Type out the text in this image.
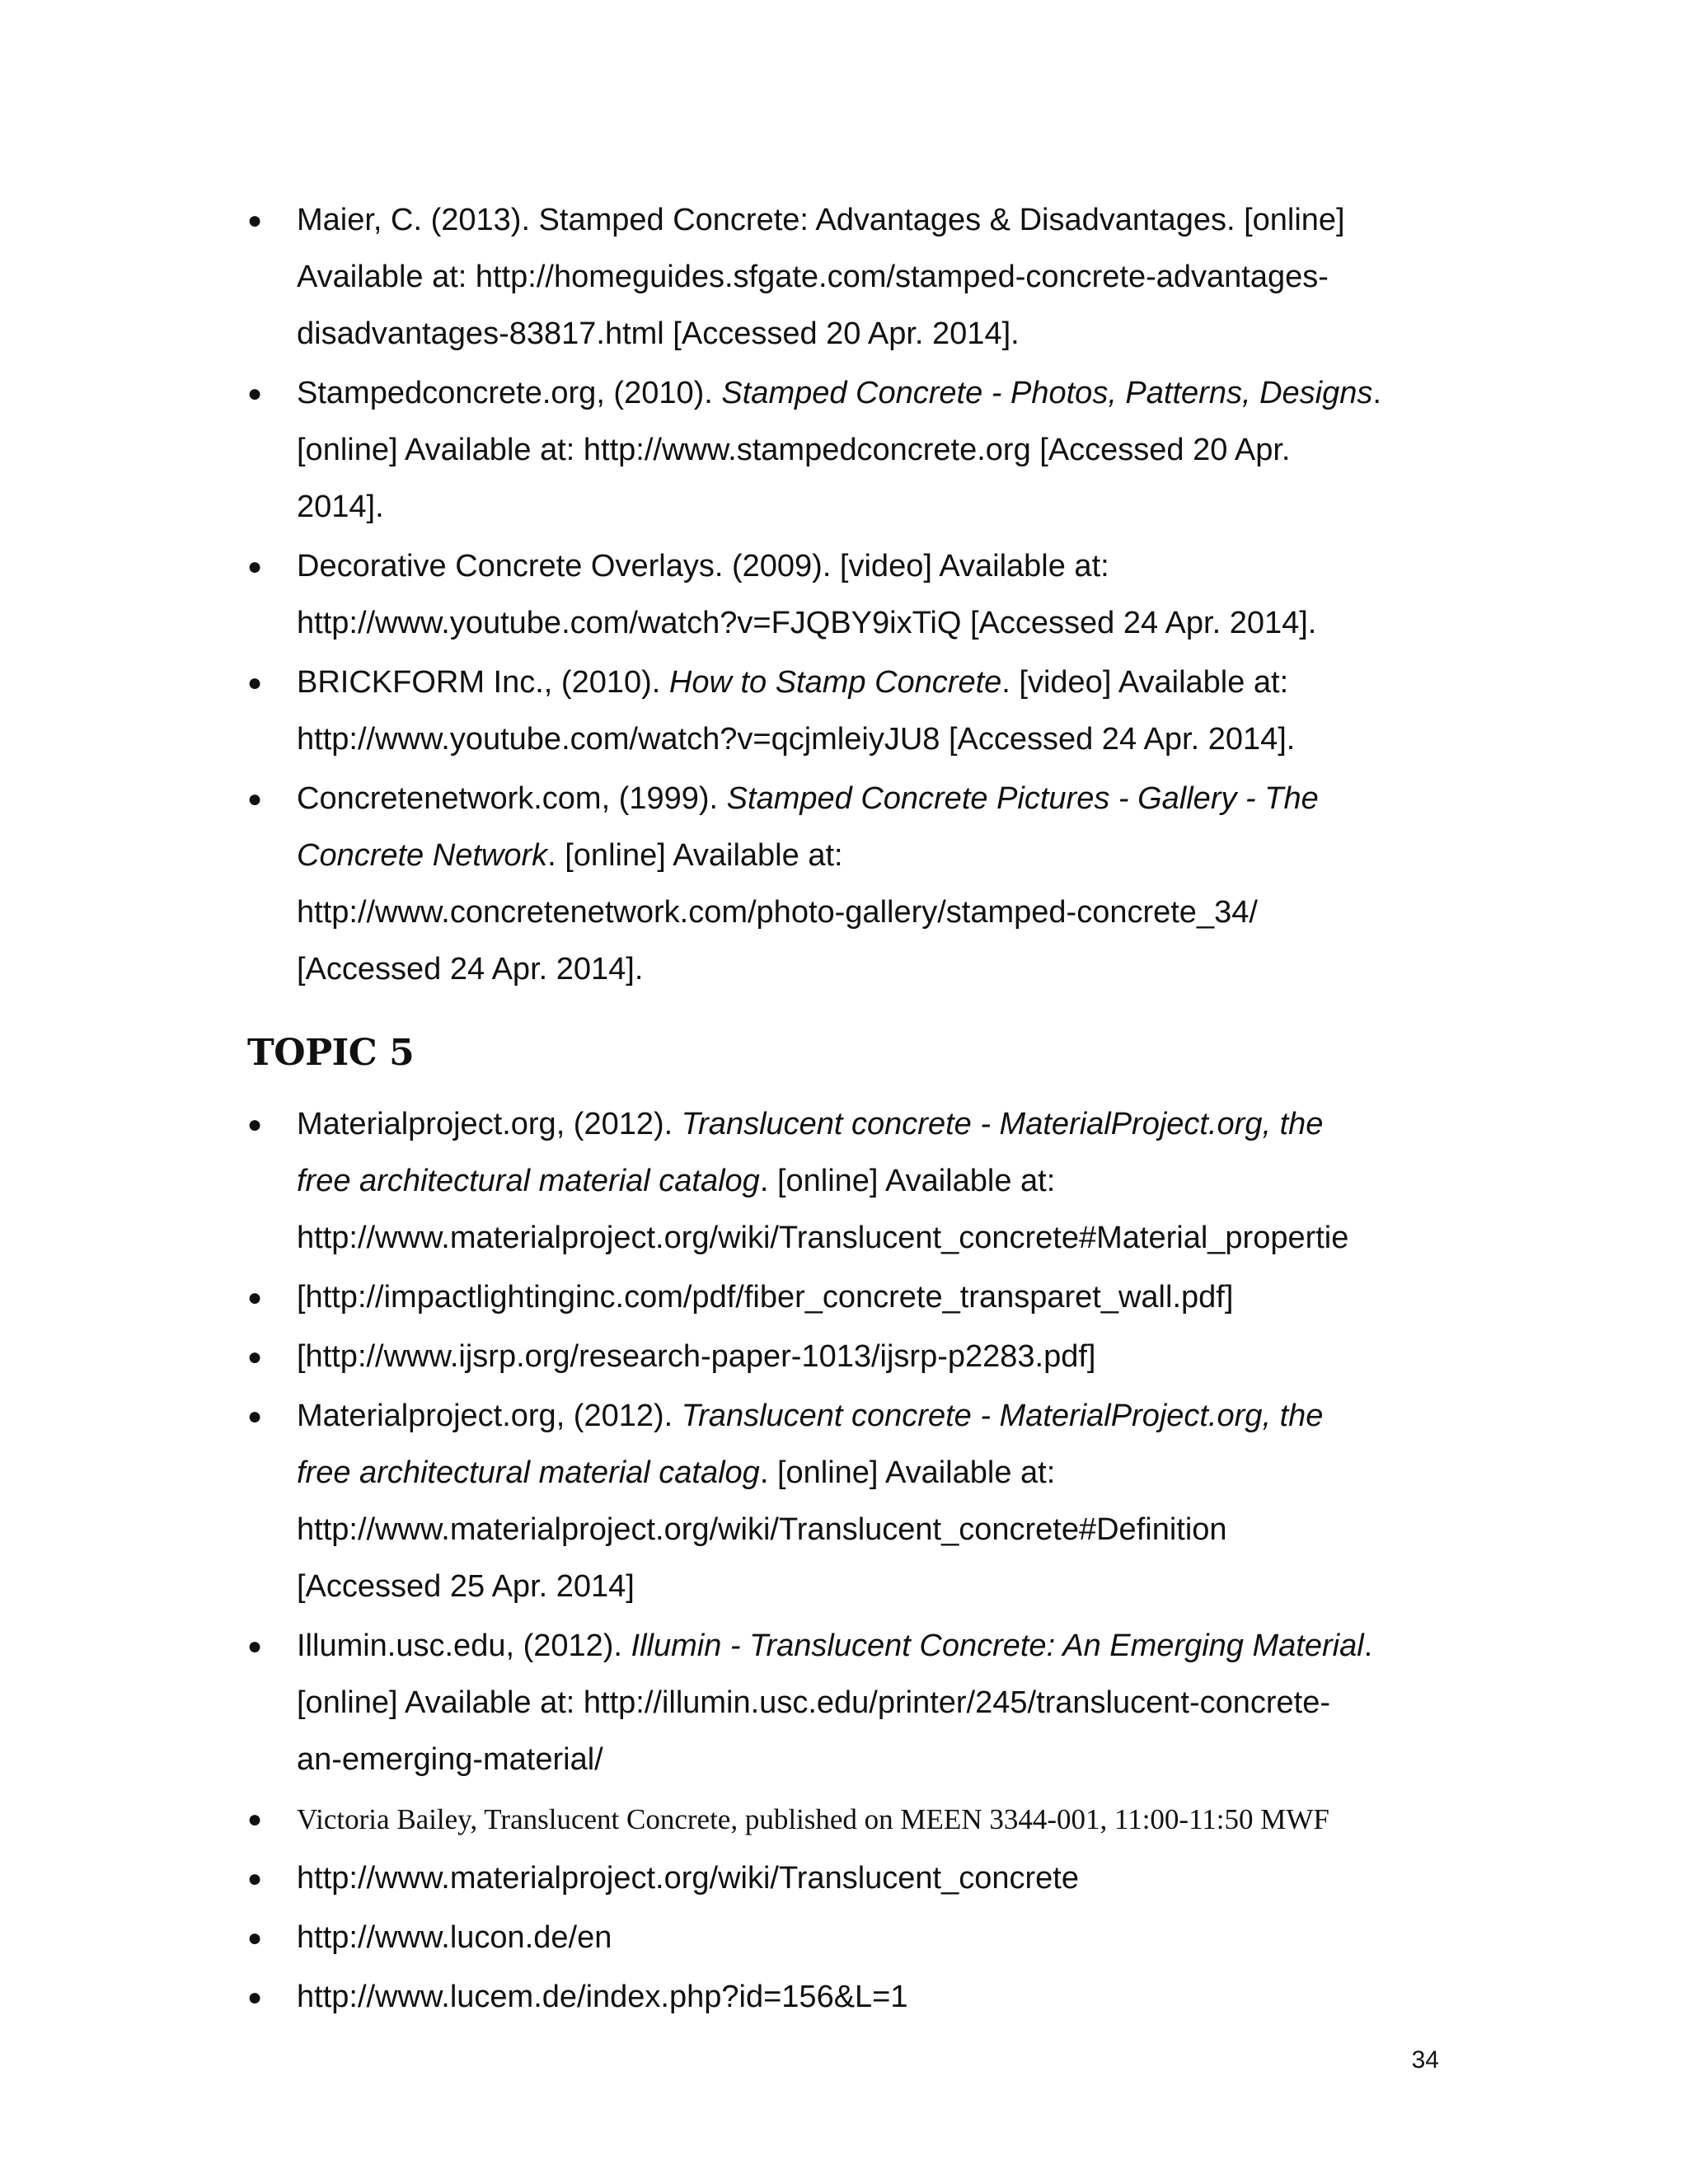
●	Maier, C. (2013). Stamped Concrete: Advantages & Disadvantages. [online]
Available at: http://homeguides.sfgate.com/stamped-concrete-advantages-
disadvantages-83817.html [Accessed 20 Apr. 2014].
●	Stampedconcrete.org, (2010). Stamped Concrete - Photos, Patterns, Designs.
[online] Available at: http://www.stampedconcrete.org [Accessed 20 Apr.
2014].
●	Decorative Concrete Overlays. (2009). [video] Available at:
http://www.youtube.com/watch?v=FJQBY9ixTiQ [Accessed 24 Apr. 2014].
●	BRICKFORM Inc., (2010). How to Stamp Concrete. [video] Available at:
http://www.youtube.com/watch?v=qcjmleiyJU8 [Accessed 24 Apr. 2014].
●	Concretenetwork.com, (1999). Stamped Concrete Pictures - Gallery - The
Concrete Network. [online] Available at:
http://www.concretenetwork.com/photo-gallery/stamped-concrete_34/
[Accessed 24 Apr. 2014].
TOPIC 5
●	Materialproject.org, (2012). Translucent concrete - MaterialProject.org, the
free architectural material catalog. [online] Available at:
http://www.materialproject.org/wiki/Translucent_concrete#Material_propertie
●	[http://impactlightinginc.com/pdf/fiber_concrete_transparet_wall.pdf]
●	[http://www.ijsrp.org/research-paper-1013/ijsrp-p2283.pdf]
●	Materialproject.org, (2012). Translucent concrete - MaterialProject.org, the
free architectural material catalog. [online] Available at:
http://www.materialproject.org/wiki/Translucent_concrete#Definition
[Accessed 25 Apr. 2014]
●	Illumin.usc.edu, (2012). Illumin - Translucent Concrete: An Emerging Material.
[online] Available at: http://illumin.usc.edu/printer/245/translucent-concrete-
an-emerging-material/
●	Victoria Bailey, Translucent Concrete, published on MEEN 3344-001, 11:00-11:50 MWF
●	http://www.materialproject.org/wiki/Translucent_concrete
●	http://www.lucon.de/en
●	http://www.lucem.de/index.php?id=156&L=1
34
